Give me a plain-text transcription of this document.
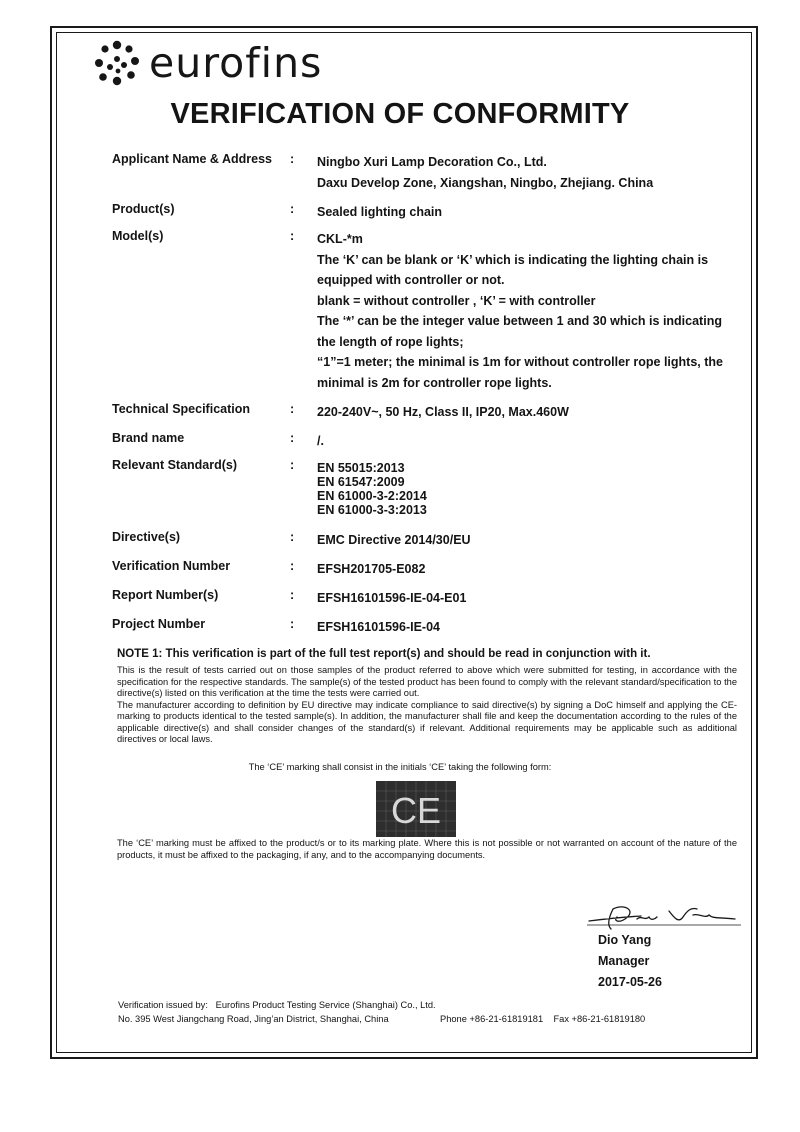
eurofins
VERIFICATION OF CONFORMITY
Applicant Name & Address	: Ningbo Xuri Lamp Decoration Co., Ltd.
Daxu Develop Zone, Xiangshan, Ningbo, Zhejiang. China
Product(s)	: Sealed lighting chain
Model(s)	: CKL-*m
The ‘K’ can be blank or ‘K’ which is indicating the lighting chain is equipped with controller or not.
blank = without controller , ‘K’ = with controller
The ‘*’ can be the integer value between 1 and 30 which is indicating the length of rope lights;
“1”=1 meter; the minimal is 1m for without controller rope lights, the minimal is 2m for controller rope lights.
Technical Specification	: 220-240V~, 50 Hz, Class II, IP20, Max.460W
Brand name	: /.
Relevant Standard(s)	: EN 55015:2013
EN 61547:2009
EN 61000-3-2:2014
EN 61000-3-3:2013
Directive(s)	: EMC Directive 2014/30/EU
Verification Number	: EFSH201705-E082
Report Number(s)	: EFSH16101596-IE-04-E01
Project Number	: EFSH16101596-IE-04
NOTE 1: This verification is part of the full test report(s) and should be read in conjunction with it.
This is the result of tests carried out on those samples of the product referred to above which were submitted for testing, in accordance with the specification for the respective standards. The sample(s) of the tested product has been found to comply with the relevant standard/specification to the directive(s) listed on this verification at the time the tests were carried out.
The manufacturer according to definition by EU directive may indicate compliance to said directive(s) by signing a DoC himself and applying the CE-marking to products identical to the tested sample(s). In addition, the manufacturer shall file and keep the documentation according to the rules of the applicable directive(s) and shall consider changes of the standard(s) if relevant. Additional requirements may be applicable such as additional directives or local laws.
The ‘CE’ marking shall consist in the initials ‘CE’ taking the following form:
CE
The ‘CE’ marking must be affixed to the product/s or to its marking plate. Where this is not possible or not warranted on account of the nature of the products, it must be affixed to the packaging, if any, and to the accompanying documents.
Dio Yang
Manager
2017-05-26
Verification issued by:   Eurofins Product Testing Service (Shanghai) Co., Ltd.
No. 395 West Jiangchang Road, Jing’an District, Shanghai, China	Phone +86-21-61819181    Fax +86-21-61819180
